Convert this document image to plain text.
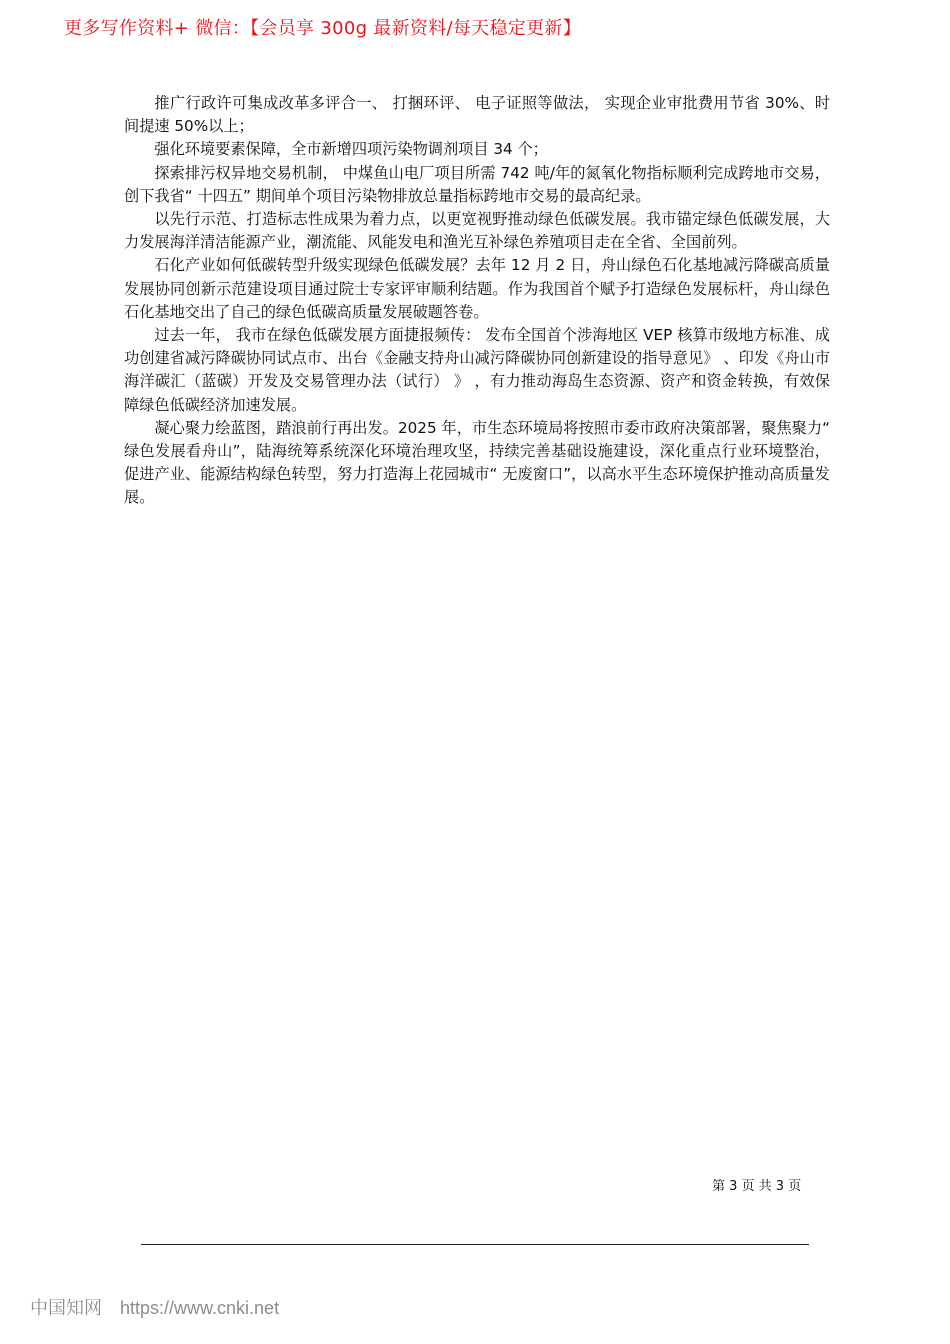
更多写作资料+ 微信：【会员享 300g 最新资料/每天稳定更新】

推广行政许可集成改革多评合一、 打捆环评、 电子证照等做法， 实现企业审批费用节省 30%、时间提速 50%以上；

强化环境要素保障，全市新增四项污染物调剂项目 34 个；

探索排污权异地交易机制， 中煤鱼山电厂项目所需 742 吨/年的氮氧化物指标顺利完成跨地市交易，创下我省“ 十四五” 期间单个项目污染物排放总量指标跨地市交易的最高纪录。

以先行示范、打造标志性成果为着力点，以更宽视野推动绿色低碳发展。我市锚定绿色低碳发展，大力发展海洋清洁能源产业，潮流能、风能发电和渔光互补绿色养殖项目走在全省、全国前列。

石化产业如何低碳转型升级实现绿色低碳发展？去年 12 月 2 日，舟山绿色石化基地减污降碳高质量发展协同创新示范建设项目通过院士专家评审顺利结题。作为我国首个赋予打造绿色发展标杆，舟山绿色石化基地交出了自己的绿色低碳高质量发展破题答卷。

过去一年， 我市在绿色低碳发展方面捷报频传： 发布全国首个涉海地区 VEP 核算市级地方标准、成功创建省减污降碳协同试点市、出台《金融支持舟山减污降碳协同创新建设的指导意见》 、印发《舟山市海洋碳汇（蓝碳）开发及交易管理办法（试行） 》 ，有力推动海岛生态资源、资产和资金转换，有效保障绿色低碳经济加速发展。

凝心聚力绘蓝图，踏浪前行再出发。2025 年，市生态环境局将按照市委市政府决策部署，聚焦聚力“ 绿色发展看舟山”，陆海统筹系统深化环境治理攻坚，持续完善基础设施建设，深化重点行业环境整治，促进产业、能源结构绿色转型，努力打造海上花园城市“ 无废窗口”，以高水平生态环境保护推动高质量发展。

第 3 页 共 3 页
中国知网 https://www.cnki.net
